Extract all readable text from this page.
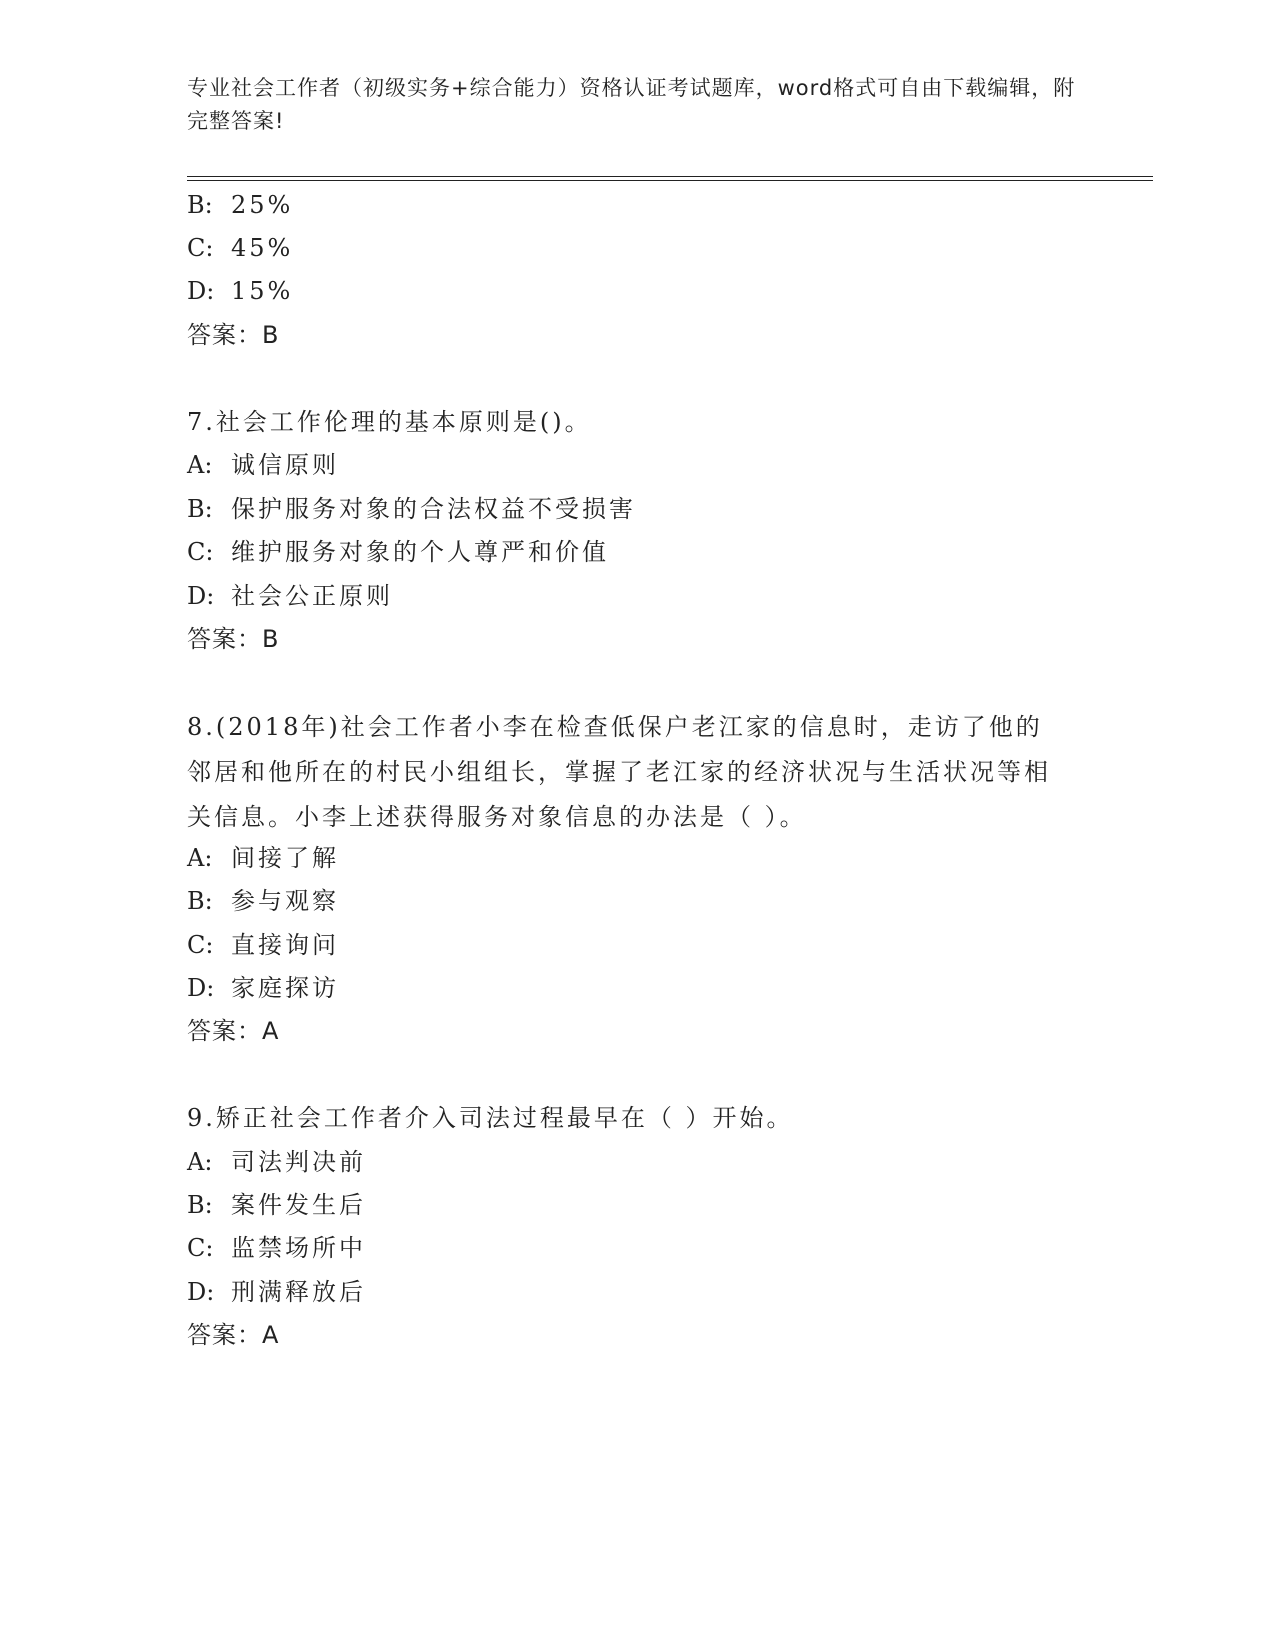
专业社会工作者（初级实务+综合能力）资格认证考试题库，word格式可自由下载编辑，附完整答案!
B: 25%
C: 45%
D: 15%
答案：B
7.社会工作伦理的基本原则是()。
A: 诚信原则
B: 保护服务对象的合法权益不受损害
C: 维护服务对象的个人尊严和价值
D: 社会公正原则
答案：B
8.(2018年)社会工作者小李在检查低保户老江家的信息时，走访了他的邻居和他所在的村民小组组长，掌握了老江家的经济状况与生活状况等相关信息。小李上述获得服务对象信息的办法是（ ）。
A: 间接了解
B: 参与观察
C: 直接询问
D: 家庭探访
答案：A
9.矫正社会工作者介入司法过程最早在（ ）开始。
A: 司法判决前
B: 案件发生后
C: 监禁场所中
D: 刑满释放后
答案：A
